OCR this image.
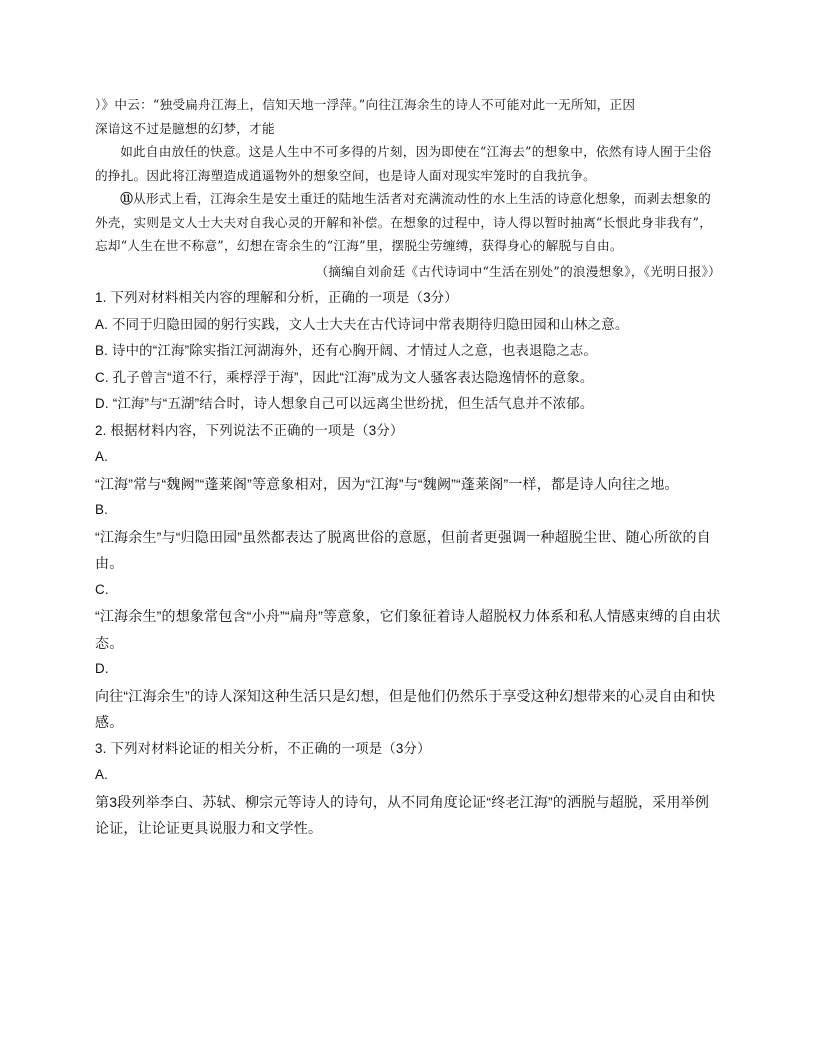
）》中云：“独受扁舟江海上，信知天地一浮萍。”向往江海余生的诗人不可能对此一无所知，正因

深谙这不过是臆想的幻梦，才能

如此自由放任的快意。这是人生中不可多得的片刻，因为即使在“江海去”的想象中，依然有诗人囿于尘俗的挣扎。因此将江海塑造成逍遥物外的想象空间，也是诗人面对现实牢笼时的自我抗争。

⑪从形式上看，江海余生是安土重迁的陆地生活者对充满流动性的水上生活的诗意化想象，而剥去想象的外壳，实则是文人士大夫对自我心灵的开解和补偿。在想象的过程中，诗人得以暂时抽离“长恨此身非我有”，忘却“人生在世不称意”，幻想在寄余生的“江海”里，摆脱尘劳缠缚，获得身心的解脱与自由。

（摘编自刘俞廷《古代诗词中“生活在别处”的浪漫想象》，《光明日报》）

1. 下列对材料相关内容的理解和分析，正确的一项是（3分）

A. 不同于归隐田园的躬行实践，文人士大夫在古代诗词中常表期待归隐田园和山林之意。

B. 诗中的“江海”除实指江河湖海外，还有心胸开阔、才情过人之意，也表退隐之志。

C. 孔子曾言“道不行，乘桴浮于海”，因此“江海”成为文人骚客表达隐逸情怀的意象。

D. “江海”与“五湖”结合时，诗人想象自己可以远离尘世纷扰，但生活气息并不浓郁。

2. 根据材料内容，下列说法不正确的一项是（3分）

A.

“江海”常与“魏阙”“蓬莱阁”等意象相对，因为“江海”与“魏阙”“蓬莱阁”一样，都是诗人向往之地。

B.

“江海余生”与“归隐田园”虽然都表达了脱离世俗的意愿，但前者更强调一种超脱尘世、随心所欲的自由。

C.

“江海余生”的想象常包含“小舟”“扁舟”等意象，它们象征着诗人超脱权力体系和私人情感束缚的自由状态。

D.

向往“江海余生”的诗人深知这种生活只是幻想，但是他们仍然乐于享受这种幻想带来的心灵自由和快感。

3. 下列对材料论证的相关分析，不正确的一项是（3分）

A.

第3段列举李白、苏轼、柳宗元等诗人的诗句，从不同角度论证“终老江海”的洒脱与超脱，采用举例论证，让论证更具说服力和文学性。
